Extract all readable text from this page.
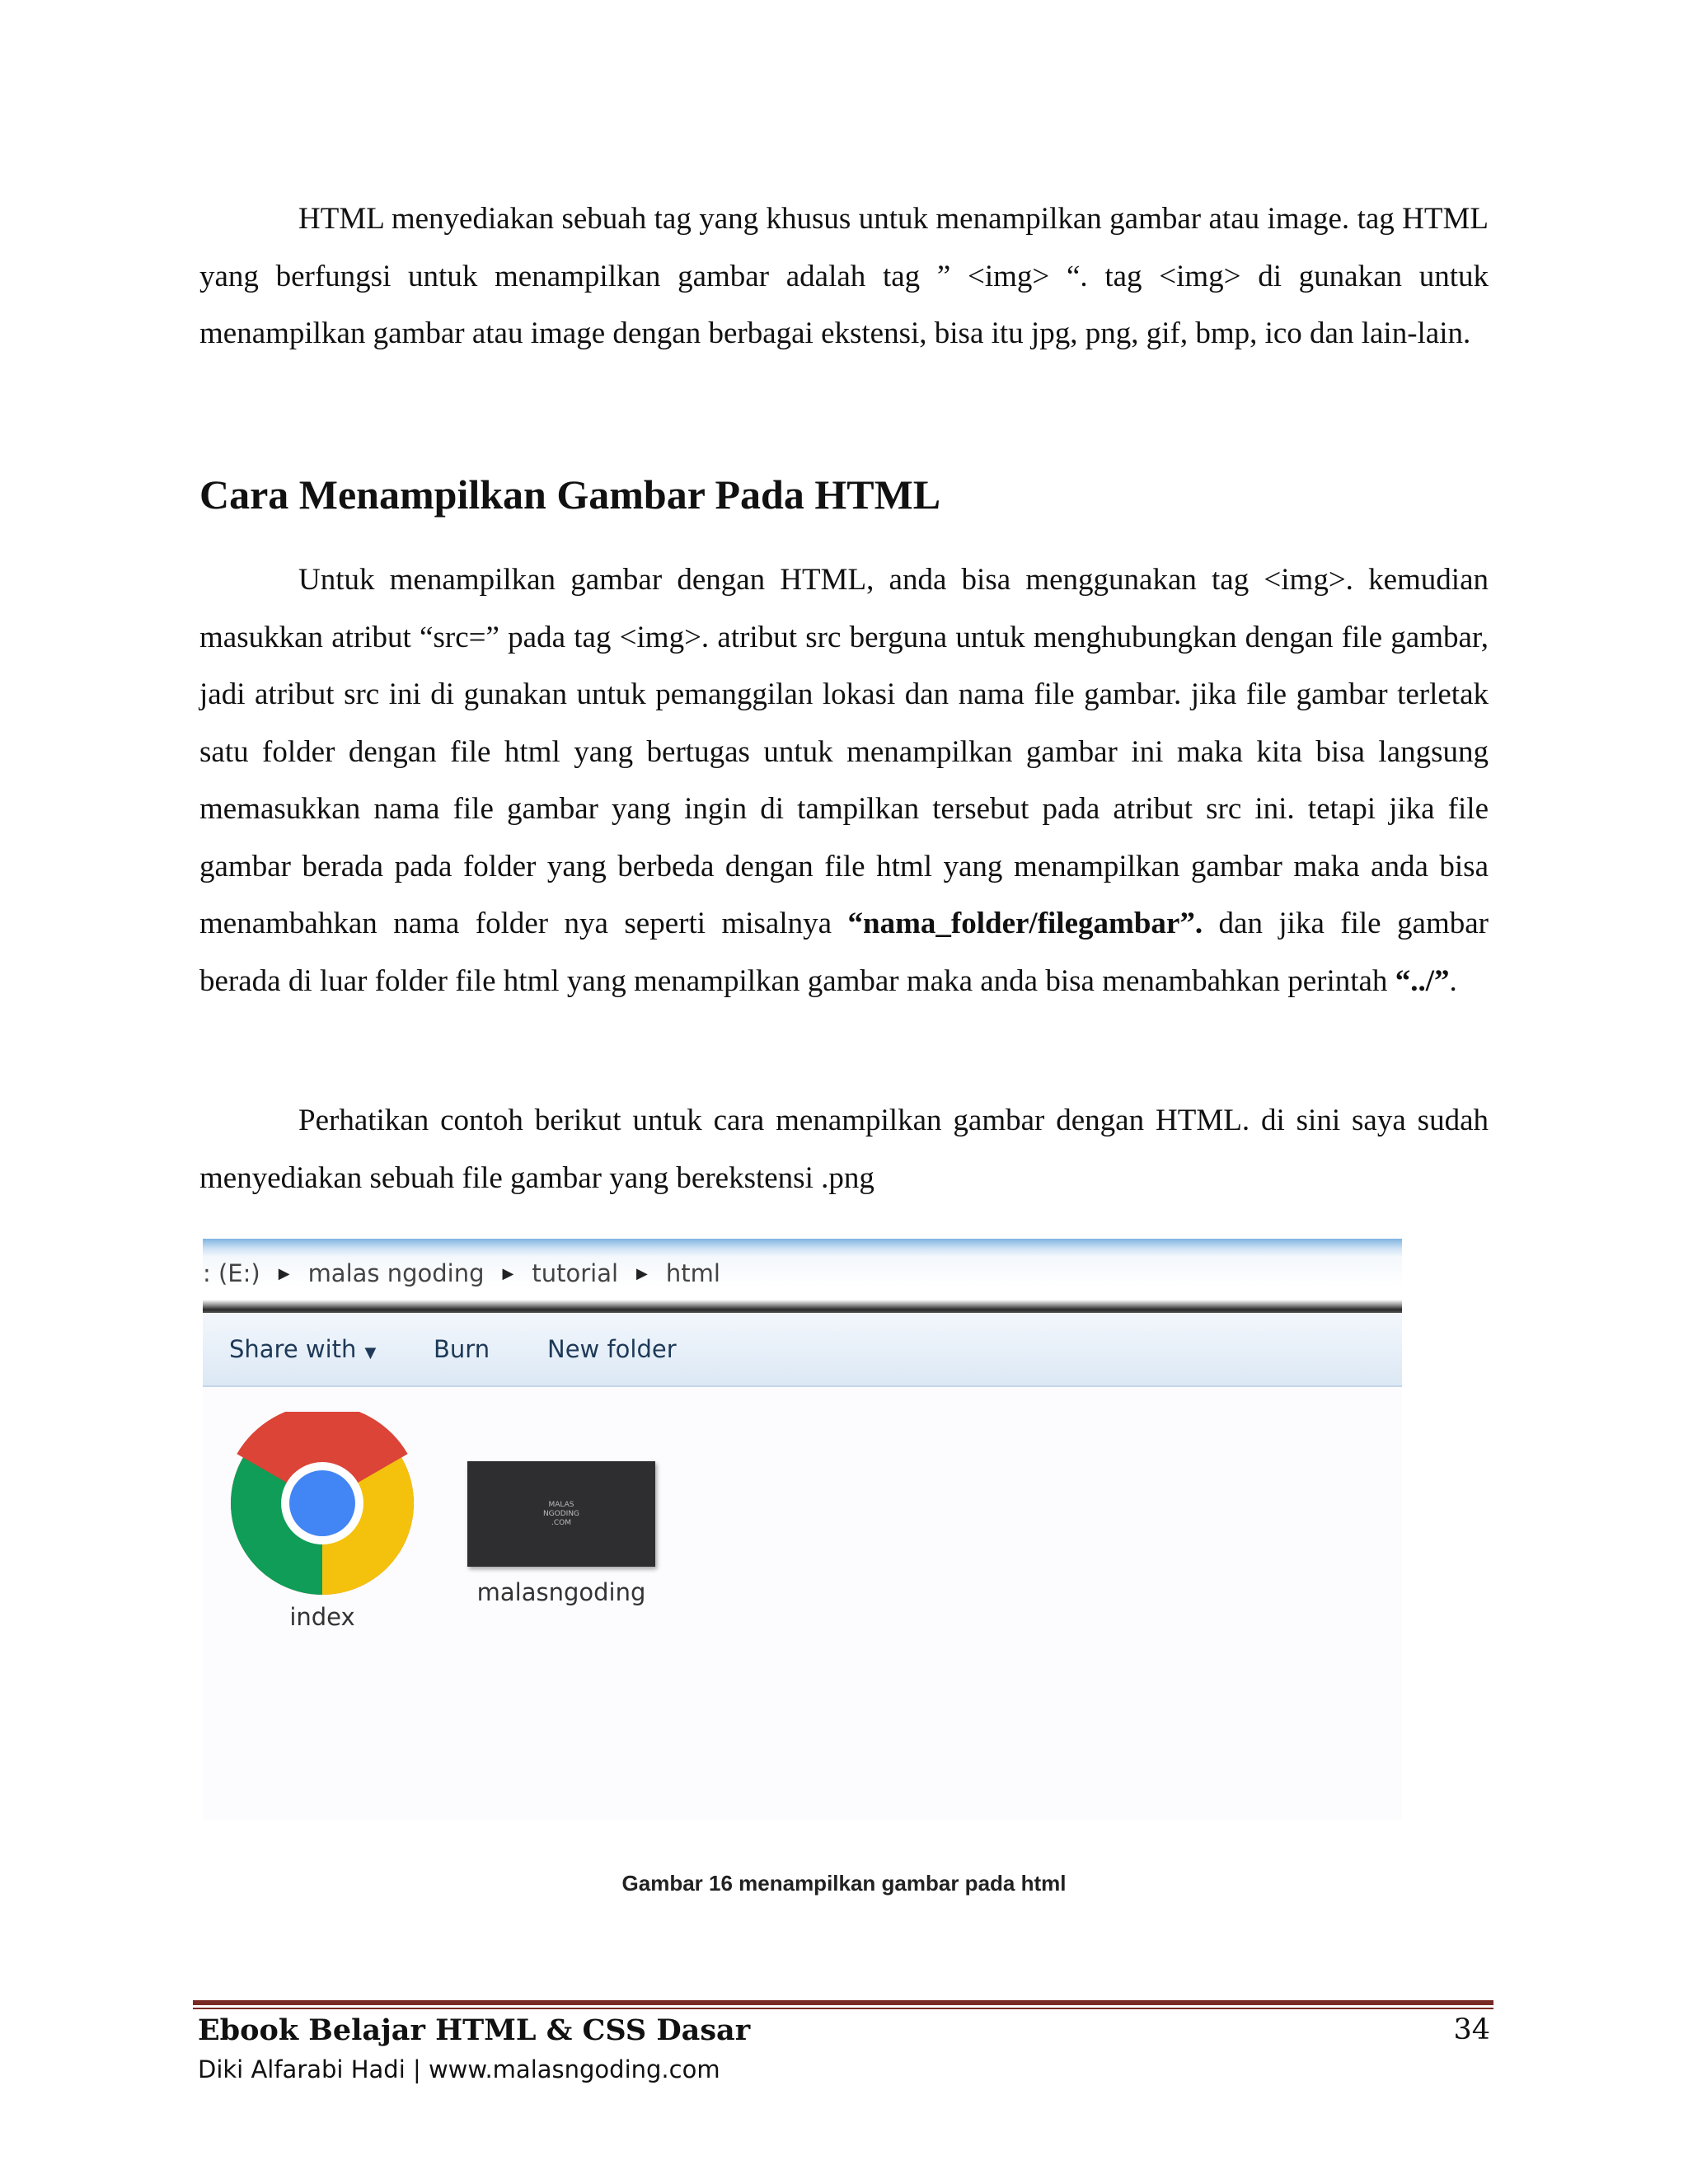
HTML menyediakan sebuah tag yang khusus untuk menampilkan gambar atau image. tag HTML yang berfungsi untuk menampilkan gambar adalah tag ” <img> “. tag <img> di gunakan untuk menampilkan gambar atau image dengan berbagai ekstensi, bisa itu jpg, png, gif, bmp, ico dan lain-lain.

Cara Menampilkan Gambar Pada HTML

Untuk menampilkan gambar dengan HTML, anda bisa menggunakan tag <img>. kemudian masukkan atribut “src=” pada tag <img>. atribut src berguna untuk menghubungkan dengan file gambar, jadi atribut src ini di gunakan untuk pemanggilan lokasi dan nama file gambar. jika file gambar terletak satu folder dengan file html yang bertugas untuk menampilkan gambar ini maka kita bisa langsung memasukkan nama file gambar yang ingin di tampilkan tersebut pada atribut src ini. tetapi jika file gambar berada pada folder yang berbeda dengan file html yang menampilkan gambar maka anda bisa menambahkan nama folder nya seperti misalnya “nama_folder/filegambar”. dan jika file gambar berada di luar folder file html yang menampilkan gambar maka anda bisa menambahkan perintah “../”.

Perhatikan contoh berikut untuk cara menampilkan gambar dengan HTML. di sini saya sudah menyediakan sebuah file gambar yang berekstensi .png

: (E:) ▶ malas ngoding ▶ tutorial ▶ html
Share with ▼ Burn New folder
index
MALAS
NGODING
.COM
malasngoding
Gambar 16 menampilkan gambar pada html
Ebook Belajar HTML & CSS Dasar	34
Diki Alfarabi Hadi | www.malasngoding.com
